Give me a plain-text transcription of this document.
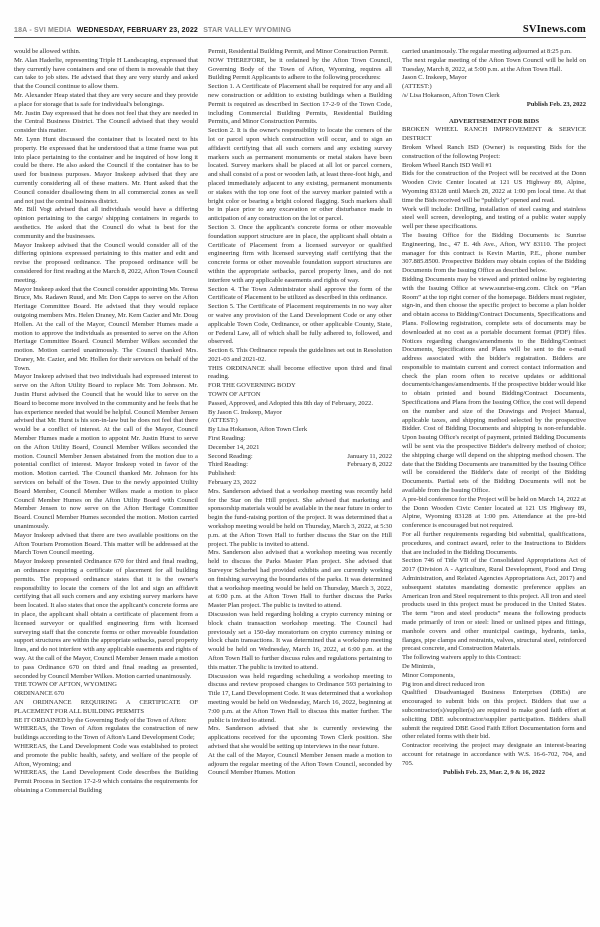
18A - SVI MEDIA WEDNESDAY, FEBRUARY 23, 2022 STAR VALLEY WYOMING	SVInews.com

would be allowed within.

Mr. Alan Haderlie, representing Triple H Landscaping, expressed that they currently have containers and one of them is moveable that they can take to job sites. He advised that they are very sturdy and asked that the Council continue to allow them.

Mr. Alexander Heap stated that they are very secure and they provide a place for storage that is safe for individual's belongings.

Mr. Justin Day expressed that he does not feel that they are needed in the Central Business District. The Council advised that they would consider this matter.

Mr. Lynn Hunt discussed the container that is located next to his property. He expressed that he understood that a time frame was put into place pertaining to the container and he inquired of how long it could be there. He also asked the Council if the container has to be used for business purposes. Mayor Inskeep advised that they are currently considering all of these matters. Mr. Hunt asked that the Council consider disallowing them in all commercial zones as well and not just the central business district.

Mr. Bill Vogt advised that all individuals would have a differing opinion pertaining to the cargo/ shipping containers in regards to aesthetics. He asked that the Council do what is best for the community and the businesses.

Mayor Inskeep advised that the Council would consider all of the differing opinions expressed pertaining to this matter and edit and revise the proposed ordinance. The proposed ordinance will be considered for first reading at the March 8, 2022, Afton Town Council meeting.

Mayor Inskeep asked that the Council consider appointing Ms. Teresa Bruce, Ms. Radawn Ruud, and Mr. Don Capps to serve on the Afton Heritage Committee Board. He advised that they would replace outgoing members Mrs. Helen Draney, Mr. Kem Cazier and Mr. Doug Hollen. At the call of the Mayor, Council Member Humes made a motion to approve the individuals as presented to serve on the Afton Heritage Committee Board. Council Member Wilkes seconded the motion. Motion carried unanimously. The Council thanked Mrs. Draney, Mr. Cazier, and Mr. Hollen for their services on behalf of the Town.

Mayor Inskeep advised that two individuals had expressed interest to serve on the Afton Utility Board to replace Mr. Tom Johnson. Mr. Justin Hurst advised the Council that he would like to serve on the Board to become more involved in the community and he feels that he has experience needed that would be helpful. Council Member Jensen advised that Mr. Hurst is his son-in-law but he does not feel that there would be a conflict of interest. At the call of the Mayor, Council Member Humes made a motion to appoint Mr. Justin Hurst to serve on the Afton Utility Board, Council Member Wilkes seconded the motion. Council Member Jensen abstained from the motion due to a potential conflict of interest. Mayor Inskeep voted in favor of the motion. Motion carried. The Council thanked Mr. Johnson for his services on behalf of the Town. Due to the newly appointed Utility Board Member, Council Member Wilkes made a motion to place Council Member Humes on the Afton Utility Board with Council Member Jensen to now serve on the Afton Heritage Committee Board. Council Member Humes seconded the motion. Motion carried unanimously.

Mayor Inskeep advised that there are two available positions on the Afton Tourism Promotion Board. This matter will be addressed at the March Town Council meeting.

Mayor Inskeep presented Ordinance 670 for third and final reading, an ordinance requiring a certificate of placement for all building permits. The proposed ordinance states that it is the owner's responsibility to locate the corners of the lot and sign an affidavit certifying that all such corners and any existing survey markers have been located. It also states that once the applicant's concrete forms are in place, the applicant shall obtain a certificate of placement from a licensed surveyor or qualified engineering firm with licensed surveying staff that the concrete forms or other moveable foundation support structures are within the appropriate setbacks, parcel property lines, and do not interfere with any applicable easements and rights of way. At the call of the Mayor, Council Member Jensen made a motion to pass Ordinance 670 on third and final reading as presented, seconded by Council Member Wilkes. Motion carried unanimously.

THE TOWN OF AFTON, WYOMING

ORDINANCE 670

AN ORDINANCE REQUIRING A CERTIFICATE OF PLACEMENT FOR ALL BUILDING PERMITS

BE IT ORDAINED by the Governing Body of the Town of Afton:

WHEREAS, the Town of Afton regulates the construction of new buildings according to the Town of Afton's Land Development Code;

WHEREAS, the Land Development Code was established to protect and promote the public health, safety, and welfare of the people of Afton, Wyoming; and

WHEREAS, the Land Development Code describes the Building Permit Process in Section 17-2-9 which contains the requirements for obtaining a Commercial Building

Permit, Residential Building Permit, and Minor Construction Permit.

NOW THEREFORE, be it ordained by the Afton Town Council, Governing Body of the Town of Afton, Wyoming, requires all Building Permit Applicants to adhere to the following procedures:

Section 1. A Certificate of Placement shall be required for any and all new construction or addition to existing buildings when a Building Permit is required as described in Section 17-2-9 of the Town Code, including Commercial Building Permits, Residential Building Permits, and Minor Construction Permits.

Section 2. It is the owner's responsibility to locate the corners of the lot or parcel upon which construction will occur, and to sign an affidavit certifying that all such corners and any existing survey markers such as permanent monuments or metal stakes have been located. Survey markers shall be placed at all lot or parcel corners, and shall consist of a post or wooden lath, at least three-foot high, and placed immediately adjacent to any existing, permanent monuments or stakes with the top one foot of the survey marker painted with a bright color or bearing a bright colored flagging. Such markers shall be in place prior to any excavation or other disturbance made in anticipation of any construction on the lot or parcel.

Section 3. Once the applicant's concrete forms or other moveable foundation support structure are in place, the applicant shall obtain a Certificate of Placement from a licensed surveyor or qualified engineering firm with licensed surveying staff certifying that the concrete forms or other moveable foundation support structures are within the appropriate setbacks, parcel property lines, and do not interfere with any applicable easements and rights of way.

Section 4. The Town Administrator shall approve the form of the Certificate of Placement to be utilized as described in this ordinance.

Section 5. The Certificate of Placement requirements in no way alter or waive any provision of the Land Development Code or any other applicable Town Code, Ordinance, or other applicable County, State, or Federal Law, all of which shall be fully adhered to, followed, and observed.

Section 6. This Ordinance repeals the guidelines set out in Resolution 2021-03 and 2021-02.

THIS ORDINANCE shall become effective upon third and final reading.

FOR THE GOVERNING BODY

TOWN OF AFTON

Passed, Approved, and Adopted this 8th day of February, 2022.

By Jason C. Inskeep, Mayor

(ATTEST:)

By Lisa Hokanson, Afton Town Clerk

First Reading:

December 14, 2021

Second Reading:	January 11, 2022

Third Reading:	February 8, 2022

Published:

February 23, 2022

Mrs. Sanderson advised that a workshop meeting was recently held for the Star on the Hill project. She advised that marketing and sponsorship materials would be available in the near future in order to begin the fund-raising portion of the project. It was determined that a workshop meeting would be held on Thursday, March 3, 2022, at 5:30 p.m. at the Afton Town Hall to further discuss the Star on the Hill project. The public is invited to attend.

Mrs. Sanderson also advised that a workshop meeting was recently held to discuss the Parks Master Plan project. She advised that Surveyor Scherbel had provided exhibits and are currently working on finishing surveying the boundaries of the parks. It was determined that a workshop meeting would be held on Thursday, March 3, 2022, at 6:00 p.m. at the Afton Town Hall to further discuss the Parks Master Plan project. The public is invited to attend.

Discussion was held regarding holding a crypto currency mining or block chain transaction workshop meeting. The Council had previously set a 150-day moratorium on crypto currency mining or block chain transactions. It was determined that a workshop meeting would be held on Wednesday, March 16, 2022, at 6:00 p.m. at the Afton Town Hall to further discuss rules and regulations pertaining to this matter. The public is invited to attend.

Discussion was held regarding scheduling a workshop meeting to discuss and review proposed changes to Ordinance 593 pertaining to Title 17, Land Development Code. It was determined that a workshop meeting would be held on Wednesday, March 16, 2022, beginning at 7:00 p.m. at the Afton Town Hall to discuss this matter further. The public is invited to attend.

Mrs. Sanderson advised that she is currently reviewing the applications received for the upcoming Town Clerk position. She advised that she would be setting up interviews in the near future.

At the call of the Mayor, Council Member Jensen made a motion to adjourn the regular meeting of the Afton Town Council, seconded by Council Member Humes. Motion

carried unanimously. The regular meeting adjourned at 8:25 p.m.

The next regular meeting of the Afton Town Council will be held on Tuesday, March 8, 2022, at 5:00 p.m. at the Afton Town Hall.

Jason C. Inskeep, Mayor

(ATTEST:)

/s/ Lisa Hokanson, Afton Town Clerk

Publish Feb. 23, 2022

ADVERTISEMENT FOR BIDS

BROKEN WHEEL RANCH IMPROVEMENT & SERVICE DISTRICT

Broken Wheel Ranch ISD (Owner) is requesting Bids for the construction of the following Project:

Broken Wheel Ranch ISD Well #1

Bids for the construction of the Project will be received at the Donn Wooden Civic Center located at 121 US Highway 89, Alpine, Wyoming 83128 until March 28, 2022 at 1:00 pm local time. At that time the Bids received will be “publicly” opened and read.

Work will include: Drilling, installation of steel casing and stainless steel well screen, developing, and testing of a public water supply well per these specifications.

The Issuing Office for the Bidding Documents is: Sunrise Engineering, Inc., 47 E. 4th Ave., Afton, WY 83110. The project manager for this contract is Kevin Martin, P.E., phone number 307.885.8500. Prospective Bidders may obtain copies of the Bidding Documents from the Issuing Office as described below.

Bidding Documents may be viewed and printed online by registering with the Issuing Office at www.sunrise-eng.com. Click on “Plan Room” at the top right corner of the homepage. Bidders must register, sign-in, and then choose the specific project to become a plan holder and obtain access to Bidding/Contract Documents, Specifications and Plans. Following registration, complete sets of documents may be downloaded at no cost as a portable document format (PDF) files. Notices regarding changes/amendments to the Bidding/Contract Documents, Specifications and Plans will be sent to the e-mail address associated with the bidder's registration. Bidders are responsible to maintain current and correct contact information and check the plan room often to receive updates or additional documents/changes/amendments. If the prospective bidder would like to obtain printed and bound Bidding/Contract Documents, Specifications and Plans from the Issuing Office, the cost will depend on the number and size of the Drawings and Project Manual, applicable taxes, and shipping method selected by the prospective Bidder. Cost of Bidding Documents and shipping is non-refundable. Upon Issuing Office's receipt of payment, printed Bidding Documents will be sent via the prospective Bidder's delivery method of choice; the shipping charge will depend on the shipping method chosen. The date that the Bidding Documents are transmitted by the Issuing Office will be considered the Bidder's date of receipt of the Bidding Documents. Partial sets of the Bidding Documents will not be available from the Issuing Office.

A pre-bid conference for the Project will be held on March 14, 2022 at the Donn Wooden Civic Center located at 121 US Highway 89, Alpine, Wyoming 83128 at 1:00 pm. Attendance at the pre-bid conference is encouraged but not required.

For all further requirements regarding bid submittal, qualifications, procedures, and contract award, refer to the Instructions to Bidders that are included in the Bidding Documents.

Section 746 of Title VII of the Consolidated Appropriations Act of 2017 (Division A - Agriculture, Rural Development, Food and Drug Administration, and Related Agencies Appropriations Act, 2017) and subsequent statutes mandating domestic preference applies an American Iron and Steel requirement to this project. All iron and steel products used in this project must be produced in the United States. The term “iron and steel products” means the following products made primarily of iron or steel: lined or unlined pipes and fittings, manhole covers and other municipal castings, hydrants, tanks, flanges, pipe clamps and restraints, valves, structural steel, reinforced precast concrete, and Construction Materials.

The following waivers apply to this Contract:

De Minimis,

Minor Components,

Pig iron and direct reduced iron

Qualified Disadvantaged Business Enterprises (DBEs) are encouraged to submit bids on this project. Bidders that use a subcontractor(s)/supplier(s) are required to make good faith effort at soliciting DBE subcontractor/supplier participation. Bidders shall submit the required DBE Good Faith Effort Documentation form and other related forms with their bid.

Contractor receiving the project may designate an interest-bearing account for retainage in accordance with W.S. 16-6-702, 704, and 705.

Publish Feb. 23, Mar. 2, 9 & 16, 2022
